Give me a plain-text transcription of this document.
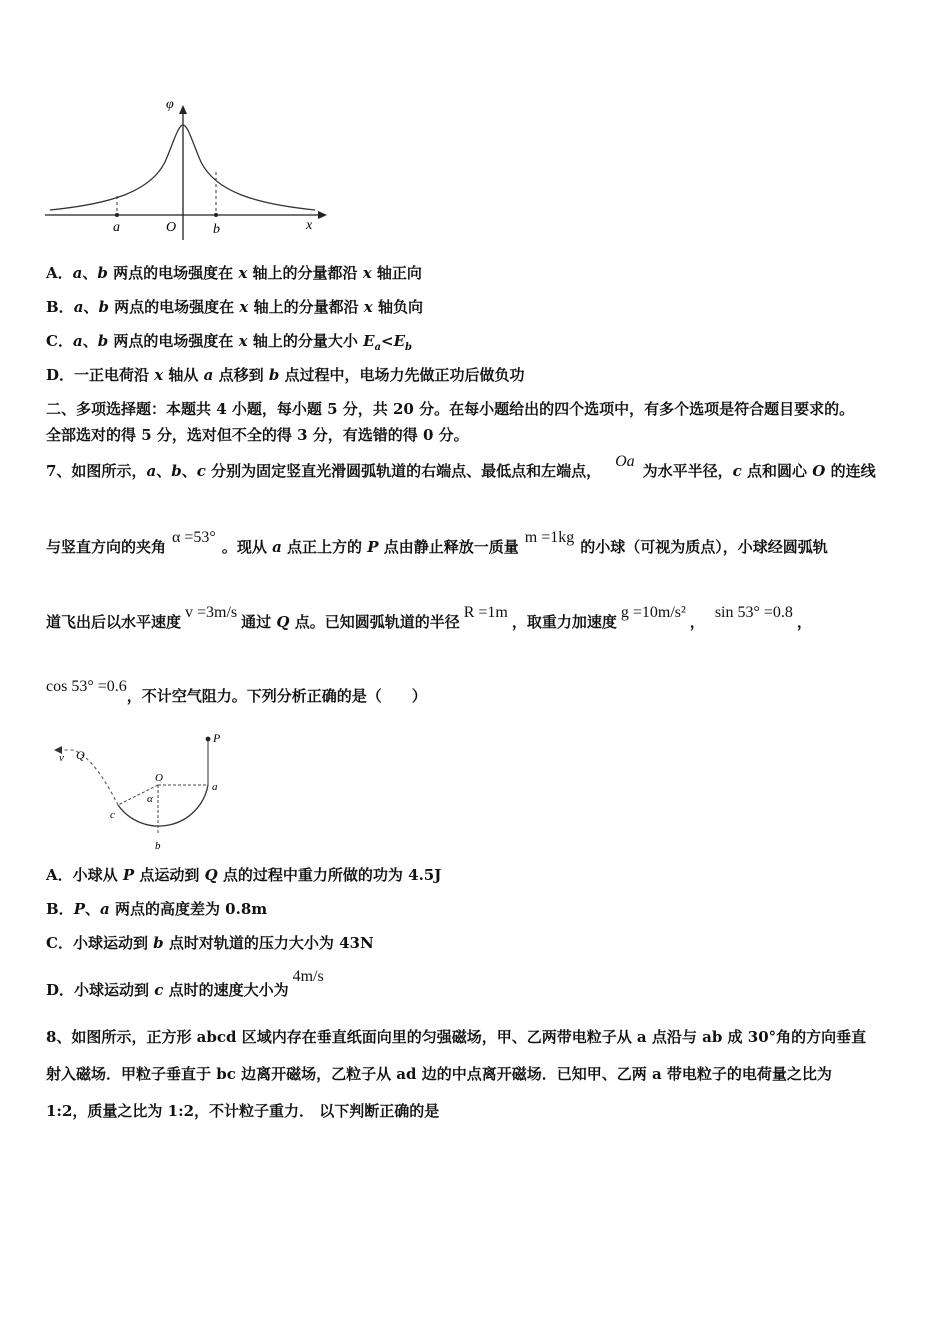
φ
a	O	b	x
A．a、b 两点的电场强度在 x 轴上的分量都沿 x 轴正向
B．a、b 两点的电场强度在 x 轴上的分量都沿 x 轴负向
C．a、b 两点的电场强度在 x 轴上的分量大小 $E_a<E_b$
D．一正电荷沿 x 轴从 a 点移到 b 点过程中，电场力先做正功后做负功
二、多项选择题：本题共 4 小题，每小题 5 分，共 20 分。在每小题给出的四个选项中，有多个选项是符合题目要求的。
全部选对的得 5 分，选对但不全的得 3 分，有选错的得 0 分。
7、如图所示，a、b、c 分别为固定竖直光滑圆弧轨道的右端点、最低点和左端点，Oa为水平半径，c 点和圆心 O 的连线
与竖直方向的夹角α =53°。现从 a 点正上方的 P 点由静止释放一质量m =1kg的小球（可视为质点），小球经圆弧轨
道飞出后以水平速度v =3m/s通过 Q 点。已知圆弧轨道的半径R =1m，取重力加速度g =10m/s²，sin 53° =0.8，
cos 53° =0.6，不计空气阻力。下列分析正确的是（　　）
v Q
P
O
a
α
c
b
A．小球从 P 点运动到 Q 点的过程中重力所做的功为 4.5J
B．P、a 两点的高度差为 0.8m
C．小球运动到 b 点时对轨道的压力大小为 43N
D．小球运动到 c 点时的速度大小为4m/s
8、如图所示，正方形 abcd 区域内存在垂直纸面向里的匀强磁场，甲、乙两带电粒子从 a 点沿与 ab 成 30°角的方向垂直
射入磁场．甲粒子垂直于 bc 边离开磁场，乙粒子从 ad 边的中点离开磁场．已知甲、乙两 a 带电粒子的电荷量之比为
1:2，质量之比为 1:2，不计粒子重力． 以下判断正确的是
